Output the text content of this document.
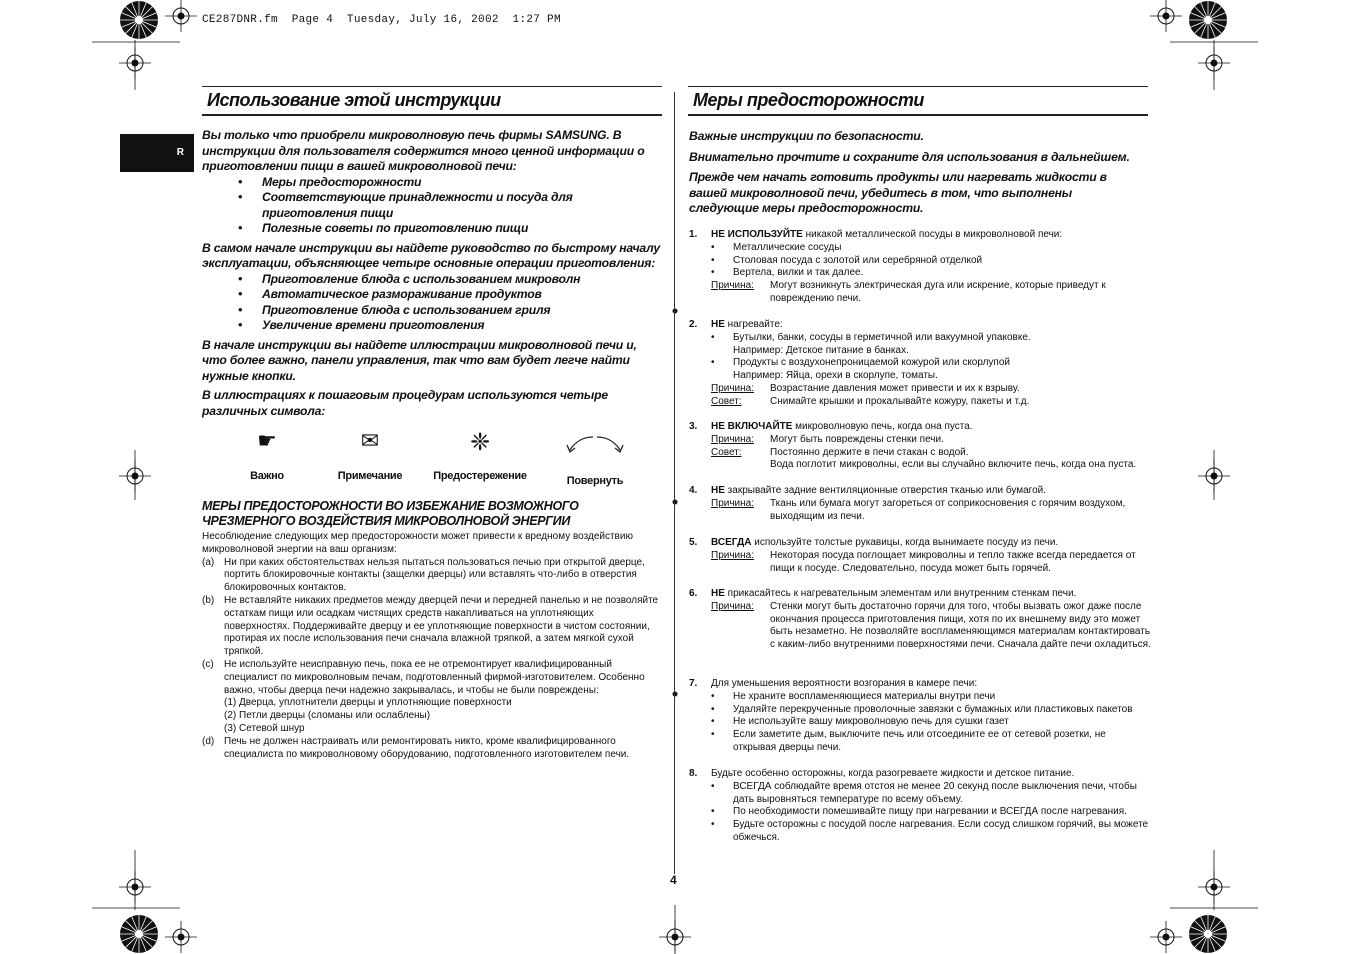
CE287DNR.fm  Page 4  Tuesday, July 16, 2002  1:27 PM
R
Использование этой инструкции
Вы только что приобрели микроволновую печь фирмы SAMSUNG. В инструкции для пользователя содержится много ценной информации о приготовлении пищи в вашей микроволновой печи:
• Меры предосторожности
• Соответствующие принадлежности и посуда для приготовления пищи
• Полезные советы по приготовлению пищи
В самом начале инструкции вы найдете руководство по быстрому началу эксплуатации, объясняющее четыре основные операции приготовления:
• Приготовление блюда с использованием микроволн
• Автоматическое размораживание продуктов
• Приготовление блюда с использованием гриля
• Увеличение времени приготовления
В начале инструкции вы найдете иллюстрации микроволновой печи и, что более важно, панели управления, так что вам будет легче найти нужные кнопки.
В иллюстрациях к пошаговым процедурам используются четыре различных символа:
☛
Важно
✉
Примечание
❈
Предостережение	Повернуть
МЕРЫ ПРЕДОСТОРОЖНОСТИ ВО ИЗБЕЖАНИЕ ВОЗМОЖНОГО ЧРЕЗМЕРНОГО ВОЗДЕЙСТВИЯ МИКРОВОЛНОВОЙ ЭНЕРГИИ
Несоблюдение следующих мер предосторожности может привести к вредному воздействию микроволновой энергии на ваш организм:
(a) Ни при каких обстоятельствах нельзя пытаться пользоваться печью при открытой дверце, портить блокировочные контакты (защелки дверцы) или вставлять что-либо в отверстия блокировочных контактов.
(b) Не вставляйте никаких предметов между дверцей печи и передней панелью и не позволяйте остаткам пищи или осадкам чистящих средств накапливаться на уплотняющих поверхностях. Поддерживайте дверцу и ее уплотняющие поверхности в чистом состоянии, протирая их после использования печи сначала влажной тряпкой, а затем мягкой сухой тряпкой.
(c)	Не используйте неисправную печь, пока ее не отремонтирует квалифицированный специалист по микроволновым печам, подготовленный фирмой-изготовителем. Особенно важно, чтобы дверца печи надежно закрывалась, и чтобы не были повреждены:
(1) Дверца, уплотнители дверцы и уплотняющие поверхности
(2) Петли дверцы (сломаны или ослаблены)
(3) Сетевой шнур
(d) Печь не должен настраивать или ремонтировать никто, кроме квалифицированного специалиста по микроволновому оборудованию, подготовленного изготовителем печи.
Меры предосторожности
Важные инструкции по безопасности.
Внимательно прочтите и сохраните для использования в дальнейшем.
Прежде чем начать готовить продукты или нагревать жидкости в вашей микроволновой печи, убедитесь в том, что выполнены следующие меры предосторожности.
1. НЕ ИСПОЛЬЗУЙТЕ никакой металлической посуды в микроволновой печи:
• Металлические сосуды
• Столовая посуда с золотой или серебряной отделкой
• Вертела, вилки и так далее.
Причина:	Могут возникнуть электрическая дуга или искрение, которые приведут к повреждению печи.
2. НЕ нагревайте:
• Бутылки, банки, сосуды в герметичной или вакуумной упаковке.
Например: Детское питание в банках.
• Продукты с воздухонепроницаемой кожурой или скорлупой
Например: Яйца, орехи в скорлупе, томаты.
Причина:	Возрастание давления может привести и их к взрыву.
Совет:	Снимайте крышки и прокалывайте кожуру, пакеты и т.д.
3. НЕ ВКЛЮЧАЙТЕ микроволновую печь, когда она пуста.
Причина:	Могут быть повреждены стенки печи.
Совет:	Постоянно держите в печи стакан с водой.
Вода поглотит микроволны, если вы случайно включите печь, когда она пуста.
4. НЕ закрывайте задние вентиляционные отверстия тканью или бумагой.
Причина:	Ткань или бумага могут загореться от соприкосновения с горячим воздухом, выходящим из печи.
5. ВСЕГДА используйте толстые рукавицы, когда вынимаете посуду из печи.
Причина:	Некоторая посуда поглощает микроволны и тепло также всегда передается от пищи к посуде. Следовательно, посуда может быть горячей.
6. НЕ прикасайтесь к нагревательным элементам или внутренним стенкам печи.
Причина:	Стенки могут быть достаточно горячи для того, чтобы вызвать ожог даже после окончания процесса приготовления пищи, хотя по их внешнему виду это может быть незаметно. Не позволяйте воспламеняющимся материалам контактировать с каким-либо внутренними поверхностями печи. Сначала дайте печи охладиться.
7. Для уменьшения вероятности возгорания в камере печи:
• Не храните воспламеняющиеся материалы внутри печи
• Удаляйте перекрученные проволочные завязки с бумажных или пластиковых пакетов
• Не используйте вашу микроволновую печь для сушки газет
• Если заметите дым, выключите печь или отсоедините ее от сетевой розетки, не открывая дверцы печи.
8. Будьте особенно осторожны, когда разогреваете жидкости и детское питание.
• ВСЕГДА соблюдайте время отстоя не менее 20 секунд после выключения печи, чтобы дать выровняться температуре по всему объему.
• По необходимости помешивайте пищу при нагревании и ВСЕГДА после нагревания.
• Будьте осторожны с посудой после нагревания. Если сосуд слишком горячий, вы можете обжечься.
4
